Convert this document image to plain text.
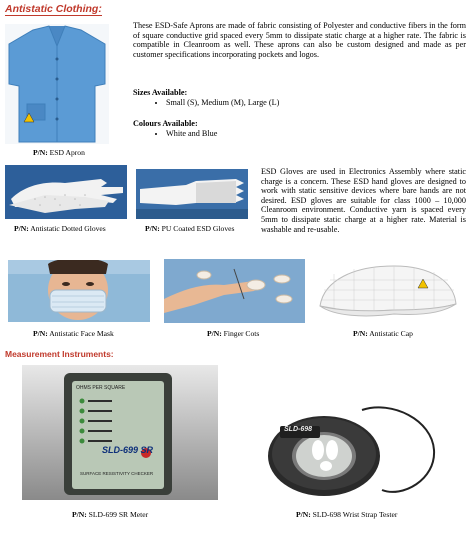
Antistatic Clothing:
P/N: ESD Apron
These ESD-Safe Aprons are made of fabric consisting of Polyester and conductive fibers in the form of square conductive grid spaced every 5mm to dissipate static charge at a higher rate. The fabric is compatible in Cleanroom as well. These aprons can also be custom designed and made as per customer specifications incorporating pockets and logos.
Sizes Available:
• Small (S), Medium (M), Large (L)
Colours Available:
• White and Blue
P/N: Antistatic Dotted Gloves	P/N: PU Coated ESD Gloves
ESD Gloves are used in Electronics Assembly where static charge is a concern. These ESD hand gloves are designed to work with static sensitive devices where bare hands are not desired. ESD gloves are suitable for class 1000 – 10,000 Cleanroom environment. Conductive yarn is spaced every 5mm to dissipate static charge at a higher rate. Material is washable and re-usable.
P/N: Antistatic Face Mask	P/N: Finger Cots	P/N: Antistatic Cap
Measurement Instruments:
OHMS PER SQUARE
SLD-699 SR
SURFACE RESISTIVITY CHECKER
P/N: SLD-699 SR Meter
SLD-698
P/N: SLD-698 Wrist Strap Tester
